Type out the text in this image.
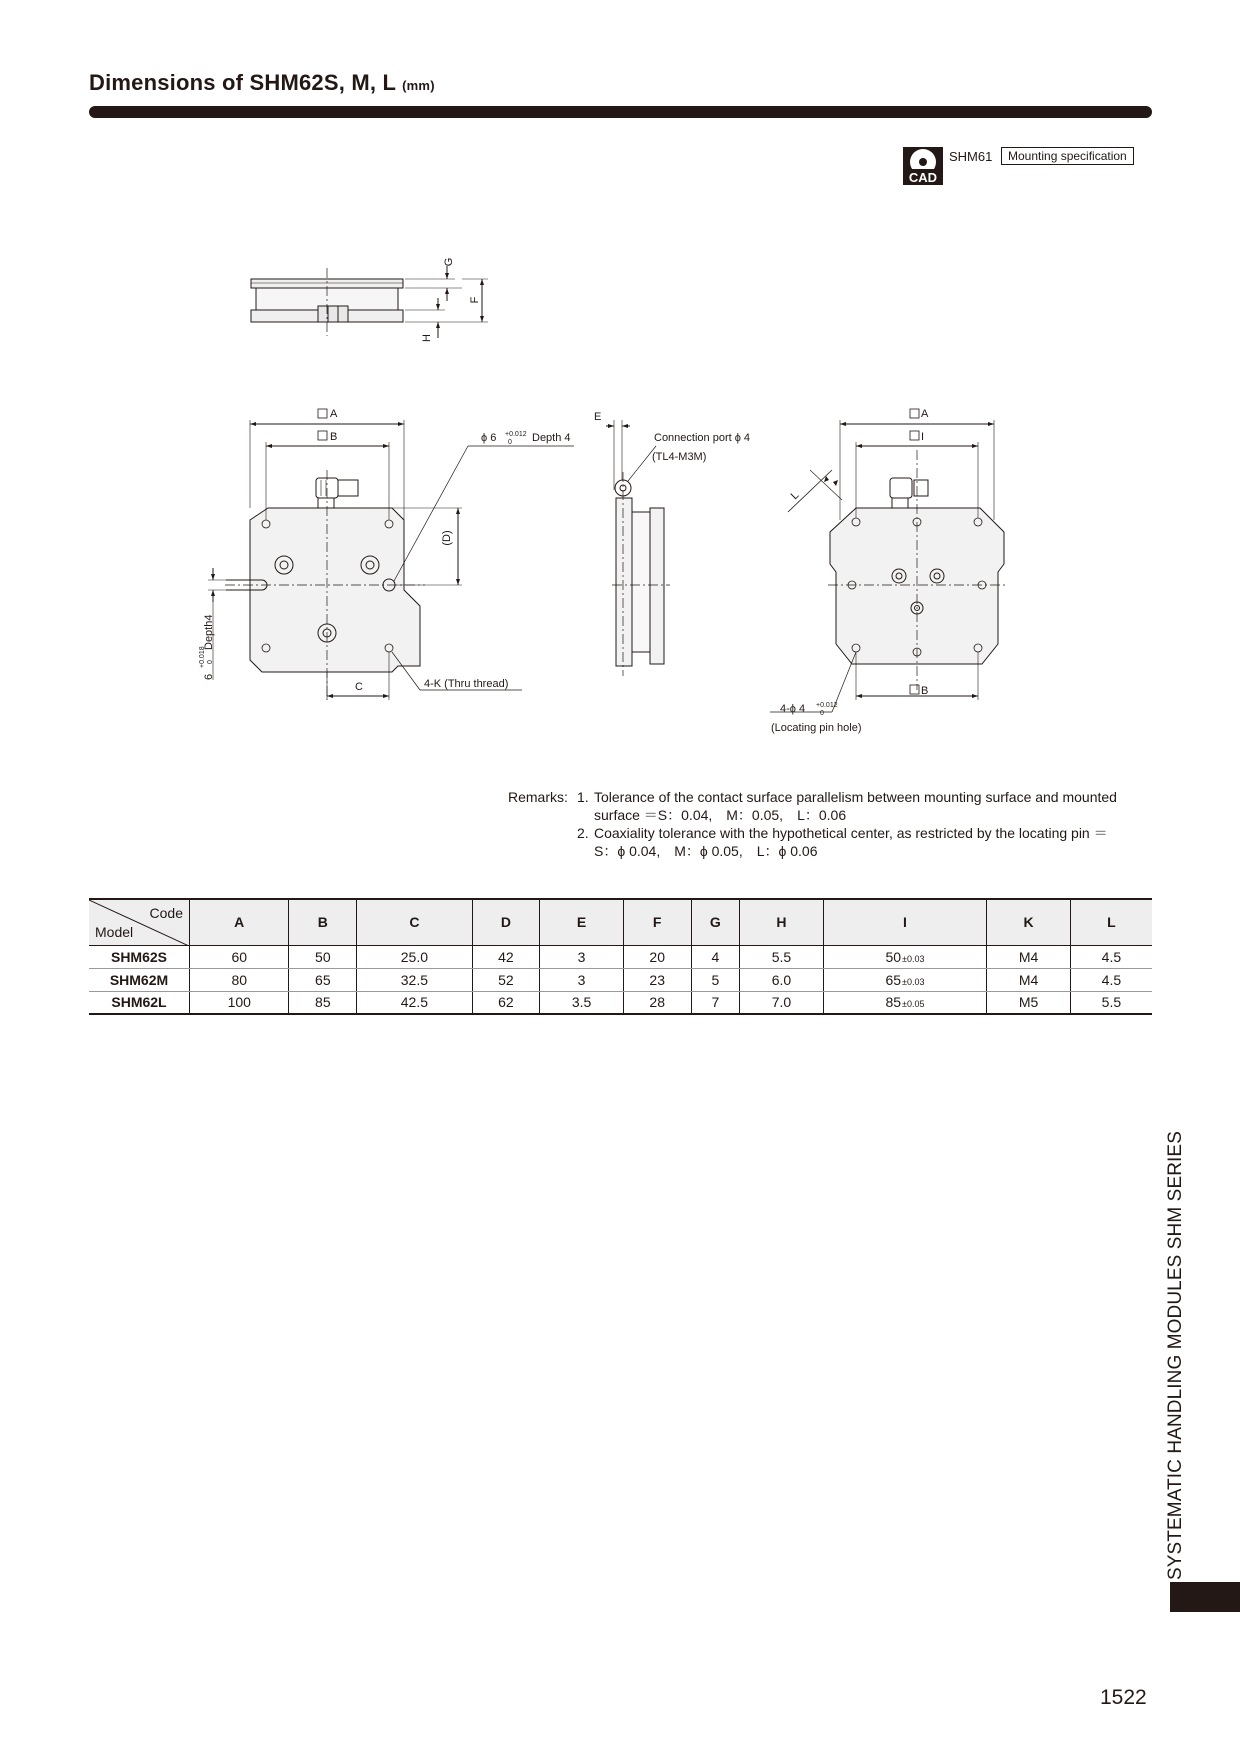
Dimensions of SHM62S, M, L (mm)
CAD
SHM61	Mounting specification
G
F
H
A
B
(D)
ϕ 6 +0.012
0 Depth 4
6
+0.018 0
Depth4
C	4-K (Thru thread)
E
Connection port ϕ 4
(TL4-M3M)
A
I
L
B
4-ϕ 4 +0.012
0
(Locating pin hole)
Remarks: 1. Tolerance of the contact surface parallelism between mounting surface and mounted
surface ＝S：0.04,　M：0.05,　L：0.06
2. Coaxiality tolerance with the hypothetical center, as restricted by the locating pin ＝
S：ϕ 0.04,　M：ϕ 0.05,　L：ϕ 0.06
Code
Model	A	B	C	D	E	F	G	H	I	K	L
SHM62S	60	50	25.0	42	3	20	4	5.5	50±0.03	M4	4.5
SHM62M	80	65	32.5	52	3	23	5	6.0	65±0.03	M4	4.5
SHM62L	100	85	42.5	62	3.5	28	7	7.0	85±0.05	M5	5.5
SYSTEMATIC HANDLING MODULES SHM SERIES
1522
